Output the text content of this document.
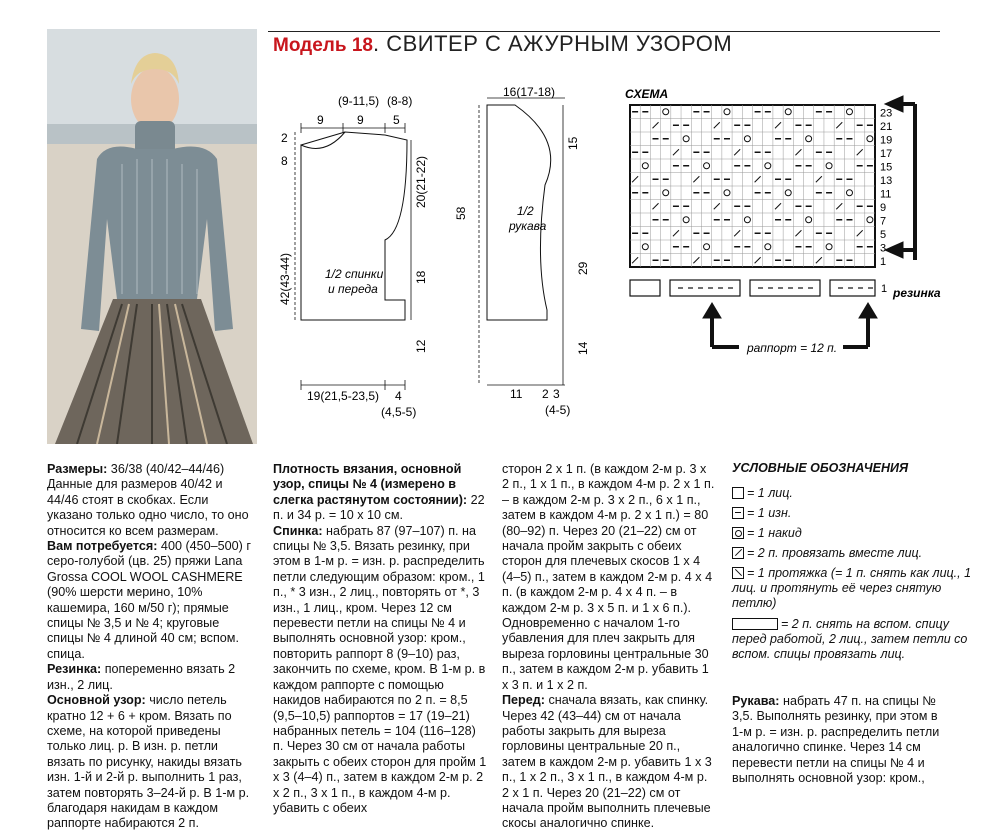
Модель 18. СВИТЕР С АЖУРНЫМ УЗОРОМ
9	9 5
(9-11,5) (8-8)
2
8	20(21-22)
1/2 спинки
и переда
42(43-44)	18
12
19(21,5-23,5) 4
(4,5-5)
16(17-18)
15
58	1/2
рукава
29
14
11 2 3
(4-5)
СХЕМА
23
21
19
17
15
13
11
9
7
5
3
1
1 резинка
раппорт = 12 п.

Размеры: 36/38 (40/42–44/46) Данные для размеров 40/42 и 44/46 стоят в скобках. Если указано только одно число, то оно относится ко всем размерам.

Вам потребуется: 400 (450–500) г серо-голубой (цв. 25) пряжи Lana Grossa COOL WOOL CASHMERE (90% шерсти мерино, 10% кашемира, 160 м/50 г); прямые спицы № 3,5 и № 4; круговые спицы № 4 длиной 40 см; вспом. спица.

Резинка: попеременно вязать 2 изн., 2 лиц.

Основной узор: число петель кратно 12 + 6 + кром. Вязать по схеме, на которой приведены только лиц. р. В изн. р. петли вязать по рисунку, накиды вязать изн. 1-й и 2-й р. выполнить 1 раз, затем повторять 3–24-й р. В 1-м р. благодаря накидам в каждом раппорте набираются 2 п.

Плотность вязания, основной узор, спицы № 4 (измерено в слегка растянутом состоянии): 22 п. и 34 р. = 10 х 10 см.

Спинка: набрать 87 (97–107) п. на спицы № 3,5. Вязать резинку, при этом в 1-м р. = изн. р. распределить петли следующим образом: кром., 1 п., * 3 изн., 2 лиц., повторять от *, 3 изн., 1 лиц., кром. Через 12 см перевести петли на спицы № 4 и выполнять основной узор: кром., повторить раппорт 8 (9–10) раз, закончить по схеме, кром. В 1-м р. в каждом раппорте с помощью накидов набираются по 2 п. = 8,5 (9,5–10,5) раппортов = 17 (19–21) набранных петель = 104 (116–128) п. Через 30 см от начала работы закрыть с обеих сторон для пройм 1 х 3 (4–4) п., затем в каждом 2-м р. 2 х 2 п., 3 х 1 п., в каждом 4-м р. убавить с обеих

сторон 2 х 1 п. (в каждом 2-м р. 3 х 2 п., 1 х 1 п., в каждом 4-м р. 2 х 1 п. – в каждом 2-м р. 3 х 2 п., 6 х 1 п., затем в каждом 4-м р. 2 х 1 п.) = 80 (80–92) п. Через 20 (21–22) см от начала пройм закрыть с обеих сторон для плечевых скосов 1 х 4 (4–5) п., затем в каждом 2-м р. 4 х 4 п. (в каждом 2-м р. 4 х 4 п. – в каждом 2-м р. 3 х 5 п. и 1 х 6 п.). Одновременно с началом 1-го убавления для плеч закрыть для выреза горловины центральные 30 п., затем в каждом 2-м р. убавить 1 х 3 п. и 1 х 2 п.

Перед: сначала вязать, как спинку. Через 42 (43–44) см от начала работы закрыть для выреза горловины центральные 20 п., затем в каждом 2-м р. убавить 1 х 3 п., 1 х 2 п., 3 х 1 п., в каждом 4-м р. 2 х 1 п. Через 20 (21–22) см от начала пройм выполнить плечевые скосы аналогично спинке.

УСЛОВНЫЕ ОБОЗНАЧЕНИЯ
= 1 лиц.
= 1 изн.
= 1 накид
= 2 п. провязать вместе лиц.
= 1 протяжка (= 1 п. снять как лиц., 1 лиц. и протянуть её через снятую петлю)
= 2 п. снять на вспом. спицу перед работой, 2 лиц., затем петли со вспом. спицы провязать лиц.

Рукава: набрать 47 п. на спицы № 3,5. Выполнять резинку, при этом в 1-м р. = изн. р. распределить петли аналогично спинке. Через 14 см перевести петли на спицы № 4 и выполнять основной узор: кром.,
